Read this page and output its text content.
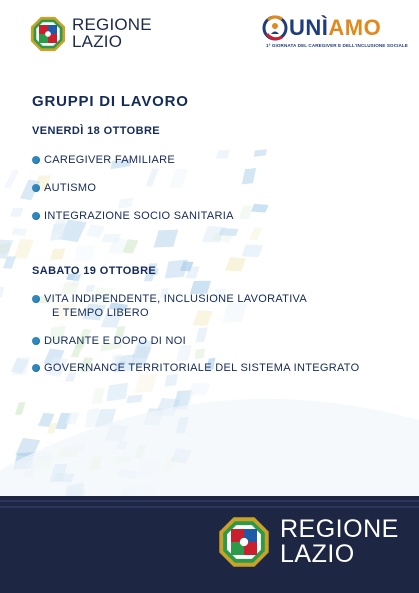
REGIONE
LAZIO
UNÌAMO
1ª GIORNATA DEL CAREGIVER E DELL'INCLUSIONE SOCIALE
GRUPPI DI LAVORO
VENERDÌ 18 OTTOBRE
CAREGIVER FAMILIARE
AUTISMO
INTEGRAZIONE SOCIO SANITARIA
SABATO 19 OTTOBRE
VITA INDIPENDENTE, INCLUSIONE LAVORATIVA
E TEMPO LIBERO
DURANTE E DOPO DI NOI
GOVERNANCE TERRITORIALE DEL SISTEMA INTEGRATO
REGIONE
LAZIO
